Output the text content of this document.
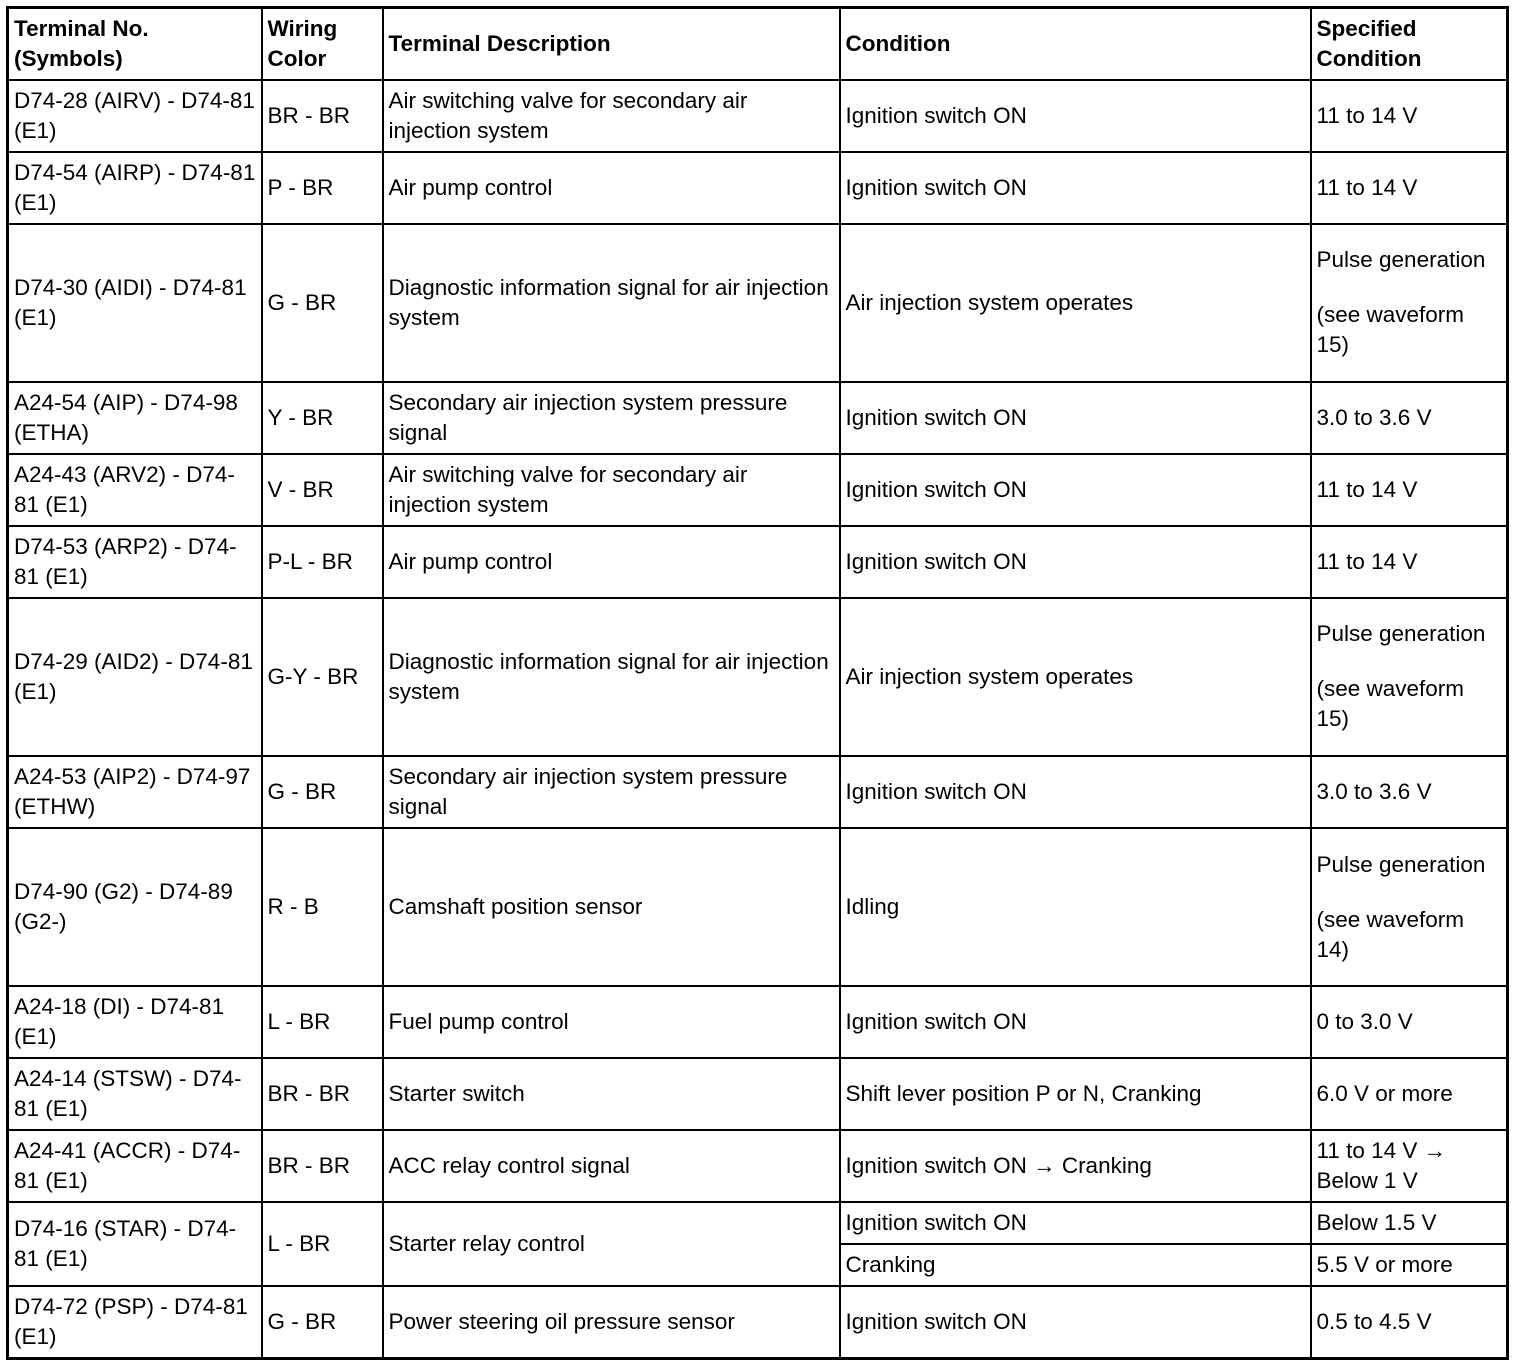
Terminal No. (Symbols)	Wiring Color	Terminal Description	Condition	Specified Condition
D74-28 (AIRV) - D74-81 (E1)	BR - BR	Air switching valve for secondary air injection system	Ignition switch ON	11 to 14 V
D74-54 (AIRP) - D74-81 (E1)	P - BR	Air pump control	Ignition switch ON	11 to 14 V
D74-30 (AIDI) - D74-81 (E1)	G - BR	Diagnostic information signal for air injection system	Air injection system operates	Pulse generation
(see waveform 15)
A24-54 (AIP) - D74-98 (ETHA)	Y - BR	Secondary air injection system pressure signal	Ignition switch ON	3.0 to 3.6 V
A24-43 (ARV2) - D74-81 (E1)	V - BR	Air switching valve for secondary air injection system	Ignition switch ON	11 to 14 V
D74-53 (ARP2) - D74-81 (E1)	P-L - BR	Air pump control	Ignition switch ON	11 to 14 V
D74-29 (AID2) - D74-81 (E1)	G-Y - BR	Diagnostic information signal for air injection system	Air injection system operates	Pulse generation
(see waveform 15)
A24-53 (AIP2) - D74-97 (ETHW)	G - BR	Secondary air injection system pressure signal	Ignition switch ON	3.0 to 3.6 V
D74-90 (G2) - D74-89 (G2-)	R - B	Camshaft position sensor	Idling	Pulse generation
(see waveform 14)
A24-18 (DI) - D74-81 (E1)	L - BR	Fuel pump control	Ignition switch ON	0 to 3.0 V
A24-14 (STSW) - D74-81 (E1)	BR - BR	Starter switch	Shift lever position P or N, Cranking	6.0 V or more
A24-41 (ACCR) - D74-81 (E1)	BR - BR	ACC relay control signal	Ignition switch ON → Cranking	11 to 14 V → Below 1 V
D74-16 (STAR) - D74-81 (E1)	L - BR	Starter relay control	Ignition switch ON	Below 1.5 V
			Cranking	5.5 V or more
D74-72 (PSP) - D74-81 (E1)	G - BR	Power steering oil pressure sensor	Ignition switch ON	0.5 to 4.5 V
